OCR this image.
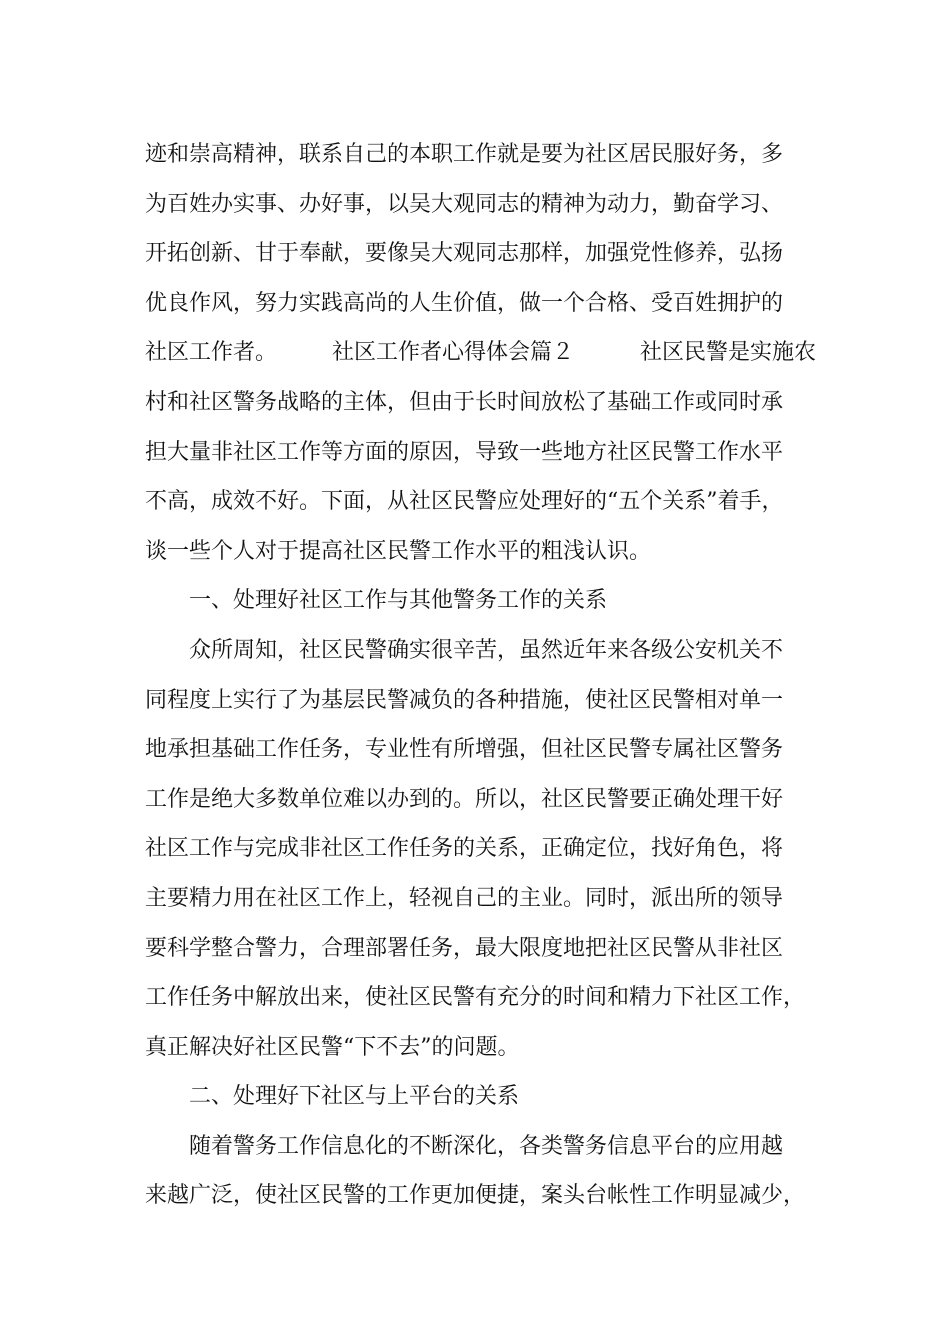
迹和崇高精神，联系自己的本职工作就是要为社区居民服好务，多
为百姓办实事、办好事，以吴大观同志的精神为动力，勤奋学习、
开拓创新、甘于奉献，要像吴大观同志那样，加强党性修养，弘扬
优良作风，努力实践高尚的人生价值，做一个合格、受百姓拥护的
社区工作者。　　　社区工作者心得体会篇２　　　社区民警是实施农
村和社区警务战略的主体，但由于长时间放松了基础工作或同时承
担大量非社区工作等方面的原因，导致一些地方社区民警工作水平
不高，成效不好。下面，从社区民警应处理好的“五个关系”着手，
谈一些个人对于提高社区民警工作水平的粗浅认识。
一、处理好社区工作与其他警务工作的关系
众所周知，社区民警确实很辛苦，虽然近年来各级公安机关不
同程度上实行了为基层民警减负的各种措施，使社区民警相对单一
地承担基础工作任务，专业性有所增强，但社区民警专属社区警务
工作是绝大多数单位难以办到的。所以，社区民警要正确处理干好
社区工作与完成非社区工作任务的关系，正确定位，找好角色，将
主要精力用在社区工作上，轻视自己的主业。同时，派出所的领导
要科学整合警力，合理部署任务，最大限度地把社区民警从非社区
工作任务中解放出来，使社区民警有充分的时间和精力下社区工作，
真正解决好社区民警“下不去”的问题。
二、处理好下社区与上平台的关系
随着警务工作信息化的不断深化，各类警务信息平台的应用越
来越广泛，使社区民警的工作更加便捷，案头台帐性工作明显减少，
